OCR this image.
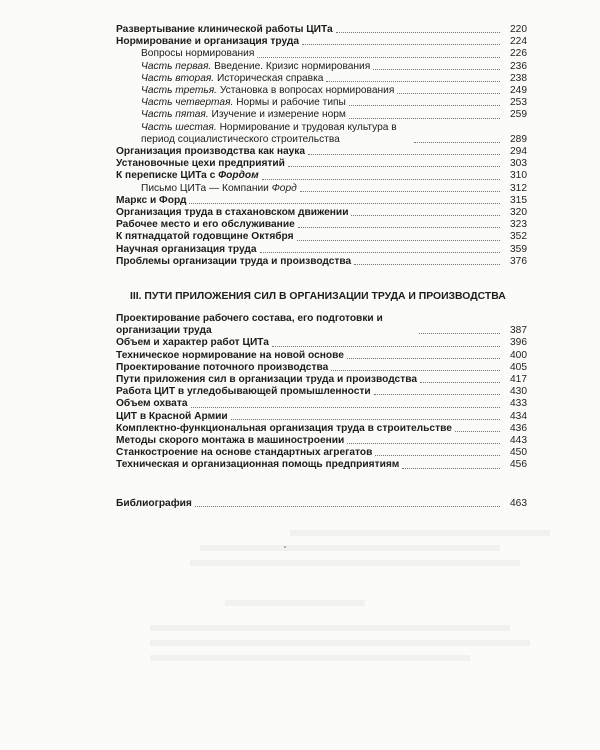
Развертывание клинической работы ЦИТа	220
Нормирование и организация труда	224
Вопросы нормирования	226
Часть первая. Введение. Кризис нормирования	236
Часть вторая. Историческая справка	238
Часть третья. Установка в вопросах нормирования	249
Часть четвертая. Нормы и рабочие типы	253
Часть пятая. Изучение и измерение норм	259
Часть шестая. Нормирование и трудовая культура в период социалистического строительства	289
Организация производства как наука	294
Установочные цехи предприятий	303
К переписке ЦИТа с Фордом	310
Письмо ЦИТа — Компании Форд	312
Маркс и Форд	315
Организация труда в стахановском движении	320
Рабочее место и его обслуживание	323
К пятнадцатой годовщине Октября	352
Научная организация труда	359
Проблемы организации труда и производства	376
III. ПУТИ ПРИЛОЖЕНИЯ СИЛ В ОРГАНИЗАЦИИ ТРУДА И ПРОИЗВОДСТВА
Проектирование рабочего состава, его подготовки и организации труда	387
Объем и характер работ ЦИТа	396
Техническое нормирование на новой основе	400
Проектирование поточного производства	405
Пути приложения сил в организации труда и производства	417
Работа ЦИТ в угледобывающей промышленности	430
Объем охвата	433
ЦИТ в Красной Армии	434
Комплектно-функциональная организация труда в строительстве	436
Методы скорого монтажа в машиностроении	443
Станкостроение на основе стандартных агрегатов	450
Техническая и организационная помощь предприятиям	456
Библиография	463
